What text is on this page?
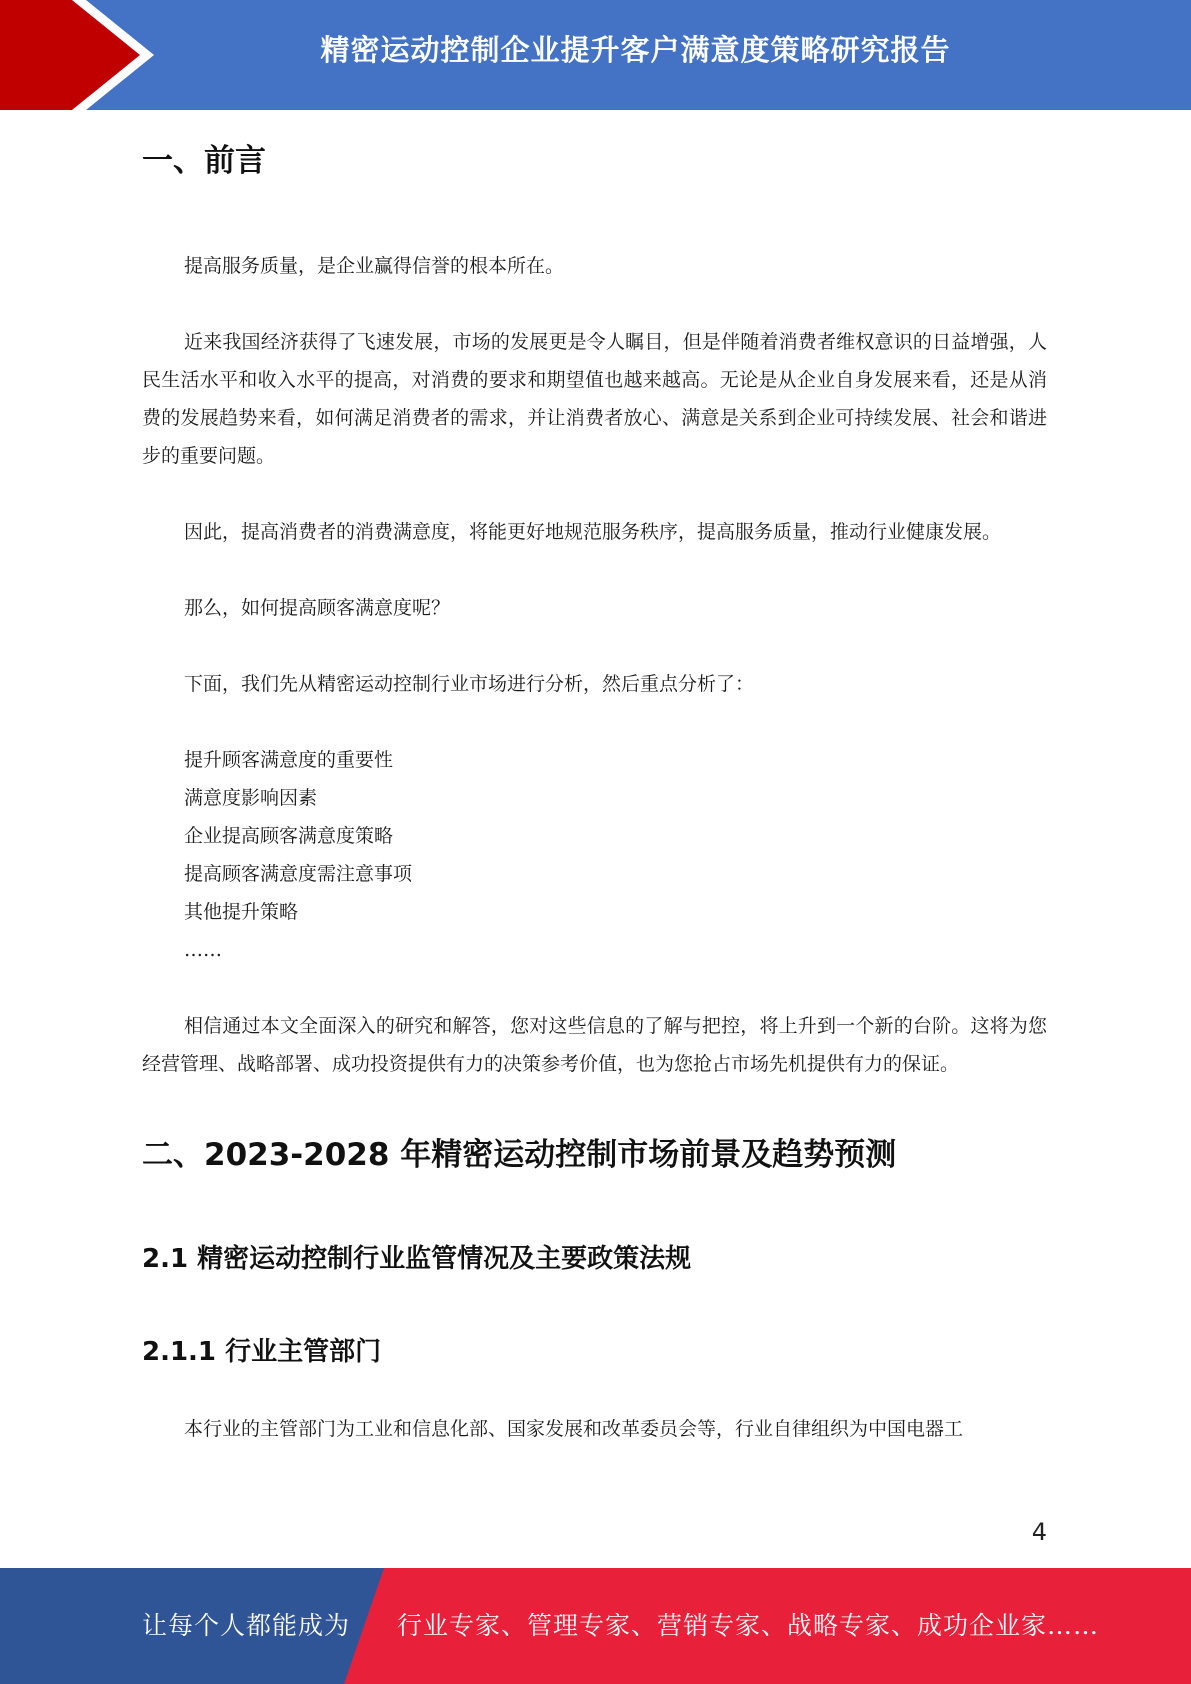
精密运动控制企业提升客户满意度策略研究报告
一、前言

提高服务质量，是企业赢得信誉的根本所在。

近来我国经济获得了飞速发展，市场的发展更是令人瞩目，但是伴随着消费者维权意识的日益增强，人民生活水平和收入水平的提高，对消费的要求和期望值也越来越高。无论是从企业自身发展来看，还是从消费的发展趋势来看，如何满足消费者的需求，并让消费者放心、满意是关系到企业可持续发展、社会和谐进步的重要问题。

因此，提高消费者的消费满意度，将能更好地规范服务秩序，提高服务质量，推动行业健康发展。

那么，如何提高顾客满意度呢？

下面，我们先从精密运动控制行业市场进行分析，然后重点分析了：

提升顾客满意度的重要性
满意度影响因素
企业提高顾客满意度策略
提高顾客满意度需注意事项
其他提升策略
……

相信通过本文全面深入的研究和解答，您对这些信息的了解与把控，将上升到一个新的台阶。这将为您经营管理、战略部署、成功投资提供有力的决策参考价值，也为您抢占市场先机提供有力的保证。

二、2023-2028 年精密运动控制市场前景及趋势预测
2.1 精密运动控制行业监管情况及主要政策法规
2.1.1 行业主管部门

本行业的主管部门为工业和信息化部、国家发展和改革委员会等，行业自律组织为中国电器工

4
让每个人都能成为 行业专家、管理专家、营销专家、战略专家、成功企业家……
